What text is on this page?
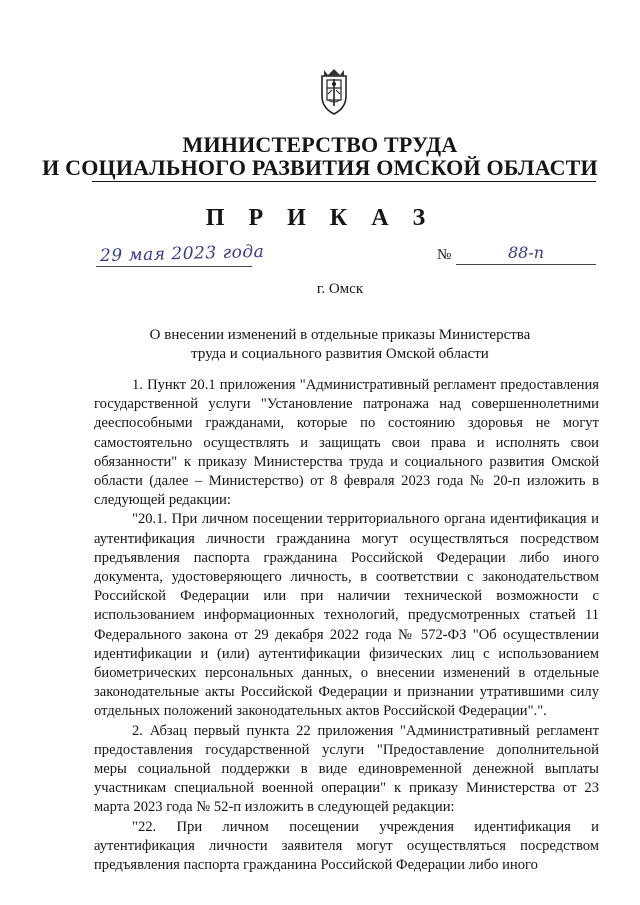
МИНИСТЕРСТВО ТРУДА
И СОЦИАЛЬНОГО РАЗВИТИЯ ОМСКОЙ ОБЛАСТИ
П Р И К А З
29 мая 2023 года	№	88-п
г. Омск
О внесении изменений в отдельные приказы Министерства труда и социального развития Омской области

1. Пункт 20.1 приложения "Административный регламент предоставления государственной услуги "Установление патронажа над совершеннолетними дееспособными гражданами, которые по состоянию здоровья не могут самостоятельно осуществлять и защищать свои права и исполнять свои обязанности" к приказу Министерства труда и социального развития Омской области (далее – Министерство) от 8 февраля 2023 года № 20-п изложить в следующей редакции:

"20.1. При личном посещении территориального органа идентификация и аутентификация личности гражданина могут осуществляться посредством предъявления паспорта гражданина Российской Федерации либо иного документа, удостоверяющего личность, в соответствии с законодательством Российской Федерации или при наличии технической возможности с использованием информационных технологий, предусмотренных статьей 11 Федерального закона от 29 декабря 2022 года № 572-ФЗ "Об осуществлении идентификации и (или) аутентификации физических лиц с использованием биометрических персональных данных, о внесении изменений в отдельные законодательные акты Российской Федерации и признании утратившими силу отдельных положений законодательных актов Российской Федерации".".

2. Абзац первый пункта 22 приложения "Административный регламент предоставления государственной услуги "Предоставление дополнительной меры социальной поддержки в виде единовременной денежной выплаты участникам специальной военной операции" к приказу Министерства от 23 марта 2023 года № 52-п изложить в следующей редакции:

"22. При личном посещении учреждения идентификация и аутентификация личности заявителя могут осуществляться посредством предъявления паспорта гражданина Российской Федерации либо иного
